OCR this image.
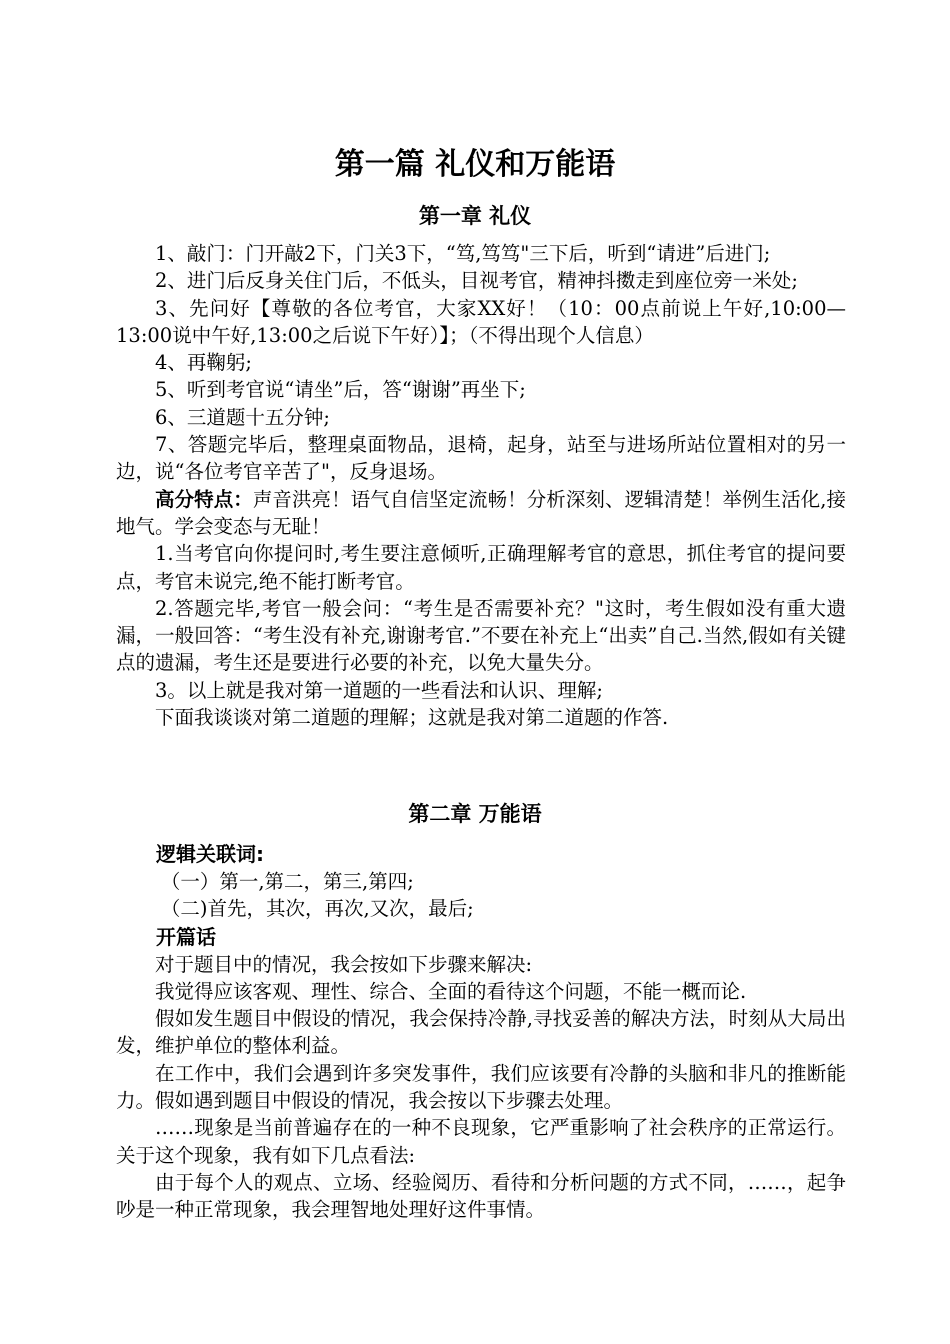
第一篇 礼仪和万能语
第一章 礼仪

1、敲门：门开敲2下，门关3下，“笃,笃笃"三下后，听到“请进”后进门;

2、进门后反身关住门后，不低头，目视考官，精神抖擞走到座位旁一米处;

3、先问好【尊敬的各位考官，大家XX好！（10：00点前说上午好,10:00—13:00说中午好,13:00之后说下午好）】；（不得出现个人信息）

4、再鞠躬;

5、听到考官说“请坐”后，答“谢谢”再坐下;

6、三道题十五分钟;

7、答题完毕后，整理桌面物品，退椅，起身，站至与进场所站位置相对的另一边，说“各位考官辛苦了"，反身退场。

高分特点：声音洪亮！语气自信坚定流畅！分析深刻、逻辑清楚！举例生活化,接地气。学会变态与无耻！

1.当考官向你提问时,考生要注意倾听,正确理解考官的意思，抓住考官的提问要点，考官未说完,绝不能打断考官。

2.答题完毕,考官一般会问：“考生是否需要补充？"这时，考生假如没有重大遗漏，一般回答：“考生没有补充,谢谢考官.”不要在补充上“出卖”自己.当然,假如有关键点的遗漏，考生还是要进行必要的补充，以免大量失分。

3。以上就是我对第一道题的一些看法和认识、理解;

下面我谈谈对第二道题的理解；这就是我对第二道题的作答.

第二章 万能语

逻辑关联词:

（一）第一,第二，第三,第四;

（二)首先，其次，再次,又次，最后;

开篇话

对于题目中的情况，我会按如下步骤来解决:

我觉得应该客观、理性、综合、全面的看待这个问题，不能一概而论.

假如发生题目中假设的情况，我会保持冷静,寻找妥善的解决方法，时刻从大局出发，维护单位的整体利益。

在工作中，我们会遇到许多突发事件，我们应该要有冷静的头脑和非凡的推断能力。假如遇到题目中假设的情况，我会按以下步骤去处理。

……现象是当前普遍存在的一种不良现象，它严重影响了社会秩序的正常运行。关于这个现象，我有如下几点看法:

由于每个人的观点、立场、经验阅历、看待和分析问题的方式不同，……，起争吵是一种正常现象，我会理智地处理好这件事情。
